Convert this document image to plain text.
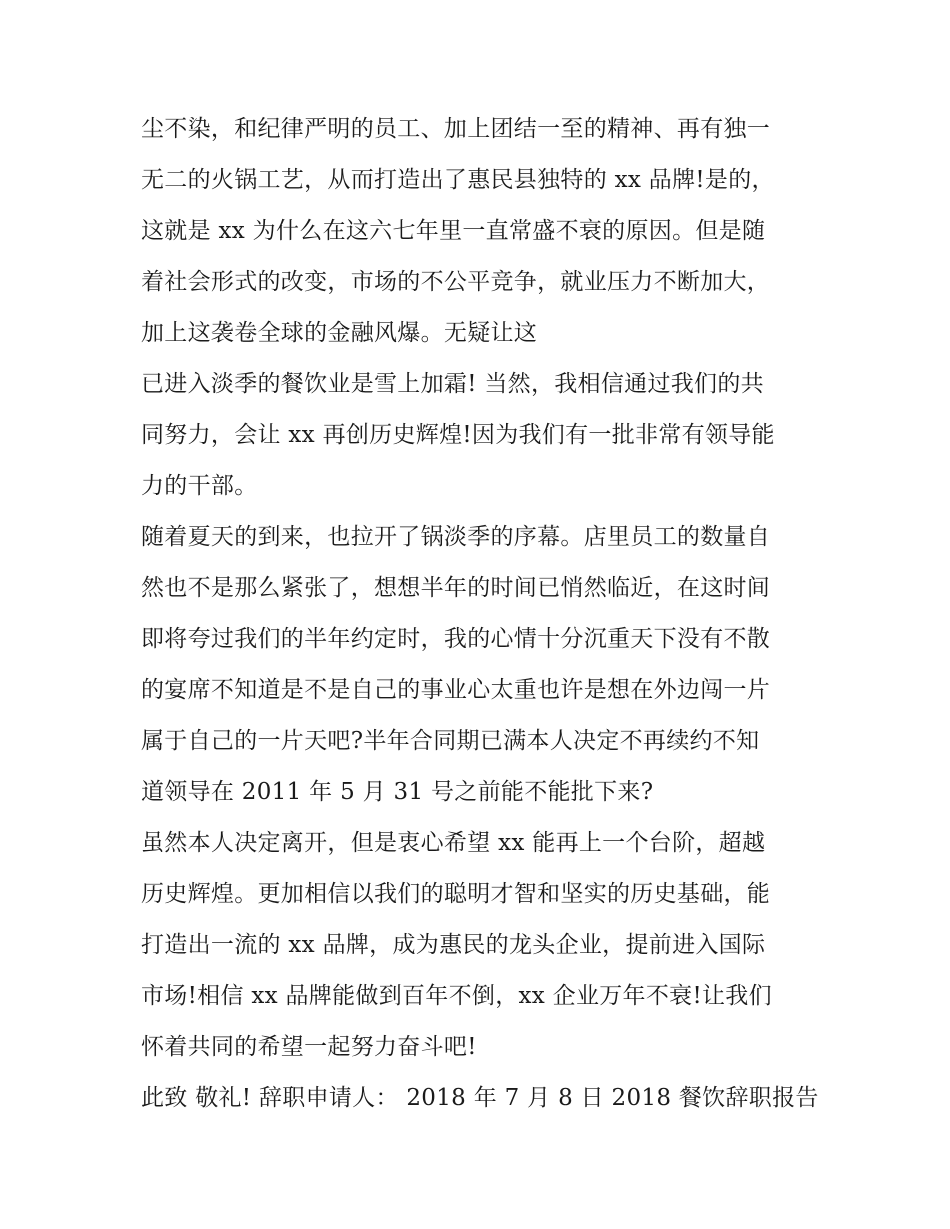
尘不染，和纪律严明的员工、加上团结一至的精神、再有独一
无二的火锅工艺，从而打造出了惠民县独特的 xx 品牌!是的，
这就是 xx 为什么在这六七年里一直常盛不衰的原因。但是随
着社会形式的改变，市场的不公平竞争，就业压力不断加大，
加上这袭卷全球的金融风爆。无疑让这
已进入淡季的餐饮业是雪上加霜! 当然，我相信通过我们的共
同努力，会让 xx 再创历史辉煌!因为我们有一批非常有领导能
力的干部。
随着夏天的到来，也拉开了锅淡季的序幕。店里员工的数量自
然也不是那么紧张了，想想半年的时间已悄然临近，在这时间
即将夸过我们的半年约定时，我的心情十分沉重天下没有不散
的宴席不知道是不是自己的事业心太重也许是想在外边闯一片
属于自己的一片天吧?半年合同期已满本人决定不再续约不知
道领导在 2011 年 5 月 31 号之前能不能批下来?
虽然本人决定离开，但是衷心希望 xx 能再上一个台阶，超越
历史辉煌。更加相信以我们的聪明才智和坚实的历史基础，能
打造出一流的 xx 品牌，成为惠民的龙头企业，提前进入国际
市场!相信 xx 品牌能做到百年不倒，xx 企业万年不衰!让我们
怀着共同的希望一起努力奋斗吧!
此致 敬礼! 辞职申请人： 2018 年 7 月 8 日 2018 餐饮辞职报告
